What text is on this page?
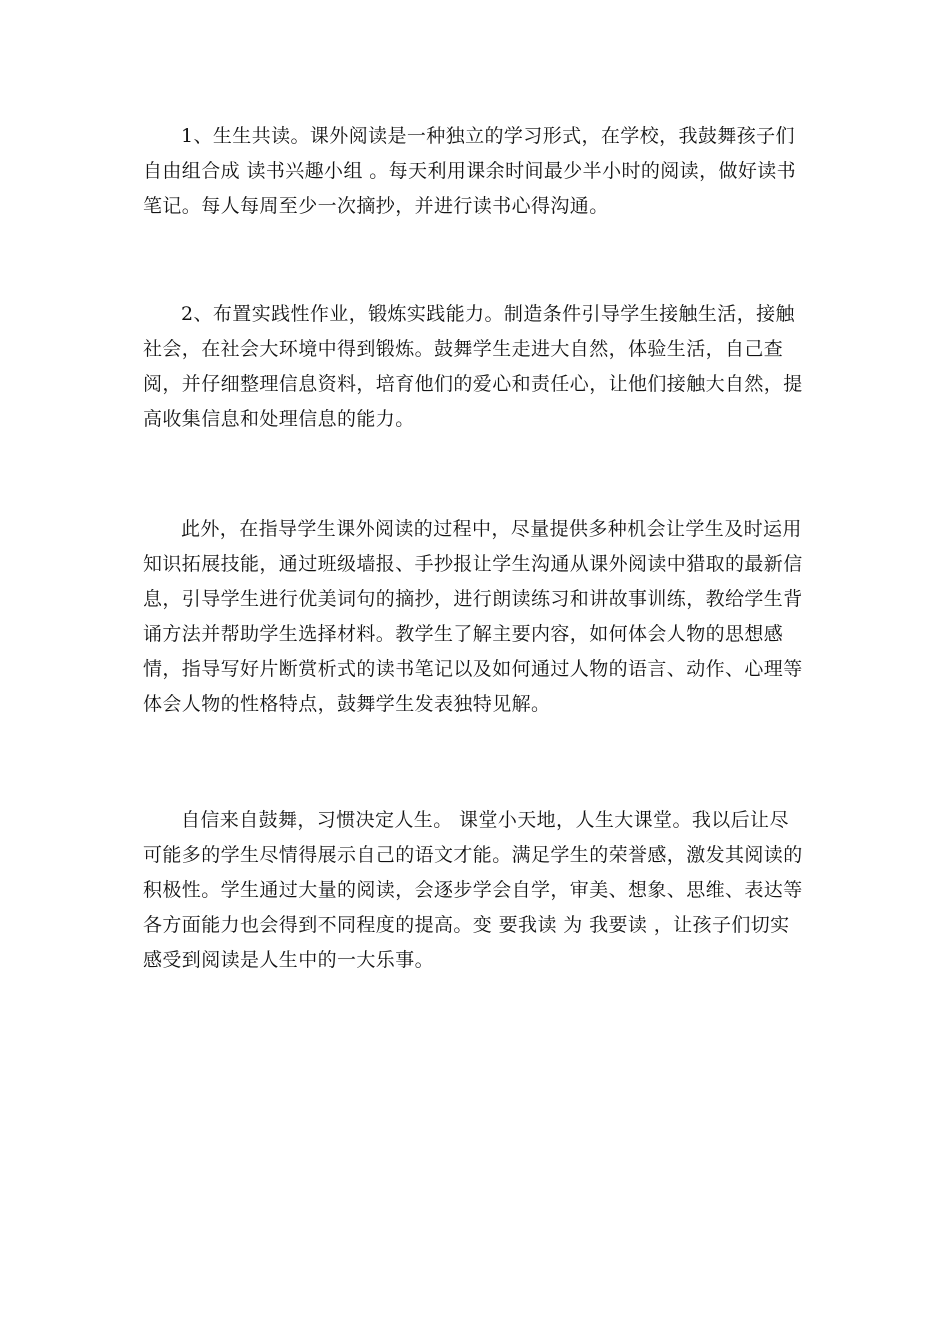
1、生生共读。课外阅读是一种独立的学习形式，在学校，我鼓舞孩子们自由组合成 读书兴趣小组 。每天利用课余时间最少半小时的阅读，做好读书笔记。每人每周至少一次摘抄，并进行读书心得沟通。

2、布置实践性作业，锻炼实践能力。制造条件引导学生接触生活，接触社会，在社会大环境中得到锻炼。鼓舞学生走进大自然，体验生活，自己查阅，并仔细整理信息资料，培育他们的爱心和责任心，让他们接触大自然，提高收集信息和处理信息的能力。

此外，在指导学生课外阅读的过程中，尽量提供多种机会让学生及时运用知识拓展技能，通过班级墙报、手抄报让学生沟通从课外阅读中猎取的最新信息，引导学生进行优美词句的摘抄，进行朗读练习和讲故事训练，教给学生背诵方法并帮助学生选择材料。教学生了解主要内容，如何体会人物的思想感情，指导写好片断赏析式的读书笔记以及如何通过人物的语言、动作、心理等体会人物的性格特点，鼓舞学生发表独特见解。

自信来自鼓舞，习惯决定人生。 课堂小天地，人生大课堂。我以后让尽可能多的学生尽情得展示自己的语文才能。满足学生的荣誉感，激发其阅读的积极性。学生通过大量的阅读，会逐步学会自学，审美、想象、思维、表达等各方面能力也会得到不同程度的提高。变 要我读 为 我要读 ，让孩子们切实感受到阅读是人生中的一大乐事。
